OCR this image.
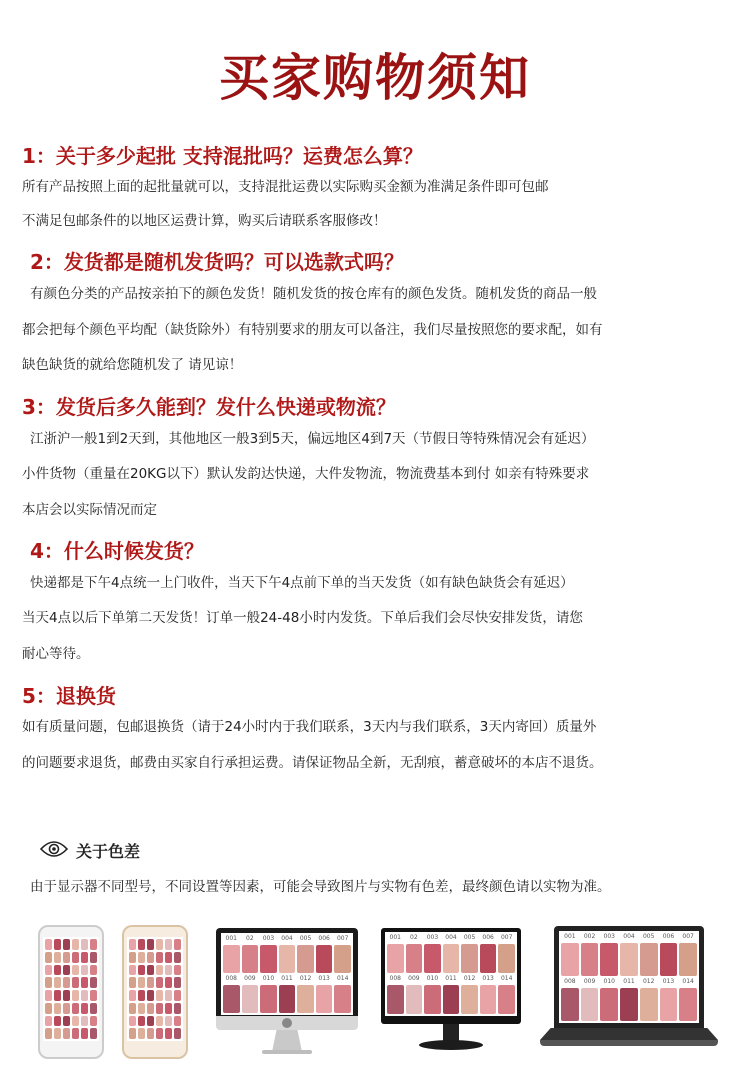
买家购物须知
1：关于多少起批 支持混批吗？运费怎么算？
所有产品按照上面的起批量就可以，支持混批运费以实际购买金额为准满足条件即可包邮
不满足包邮条件的以地区运费计算，购买后请联系客服修改！
2：发货都是随机发货吗？可以选款式吗？
有颜色分类的产品按亲拍下的颜色发货！随机发货的按仓库有的颜色发货。随机发货的商品一般
都会把每个颜色平均配（缺货除外）有特别要求的朋友可以备注，我们尽量按照您的要求配，如有
缺色缺货的就给您随机发了 请见谅！
3：发货后多久能到？发什么快递或物流？
江浙沪一般1到2天到，其他地区一般3到5天，偏远地区4到7天（节假日等特殊情况会有延迟）
小件货物（重量在20KG以下）默认发韵达快递，大件发物流，物流费基本到付 如亲有特殊要求
本店会以实际情况而定
4：什么时候发货？
快递都是下午4点统一上门收件，当天下午4点前下单的当天发货（如有缺色缺货会有延迟）
当天4点以后下单第二天发货！订单一般24-48小时内发货。下单后我们会尽快安排发货，请您
耐心等待。
5：退换货
如有质量问题，包邮退换货（请于24小时内于我们联系，3天内与我们联系，3天内寄回）质量外
的问题要求退货，邮费由买家自行承担运费。请保证物品全新，无刮痕，蓄意破坏的本店不退货。
关于色差
由于显示器不同型号，不同设置等因素，可能会导致图片与实物有色差，最终颜色请以实物为准。
001	02	003	004	005	006	007
008	009	010	011	012	013	014
001	02	003	004	005	006	007
008	009	010	011	012	013	014
001	002	003	004	005	006	007
008	009	010	011	012	013	014
